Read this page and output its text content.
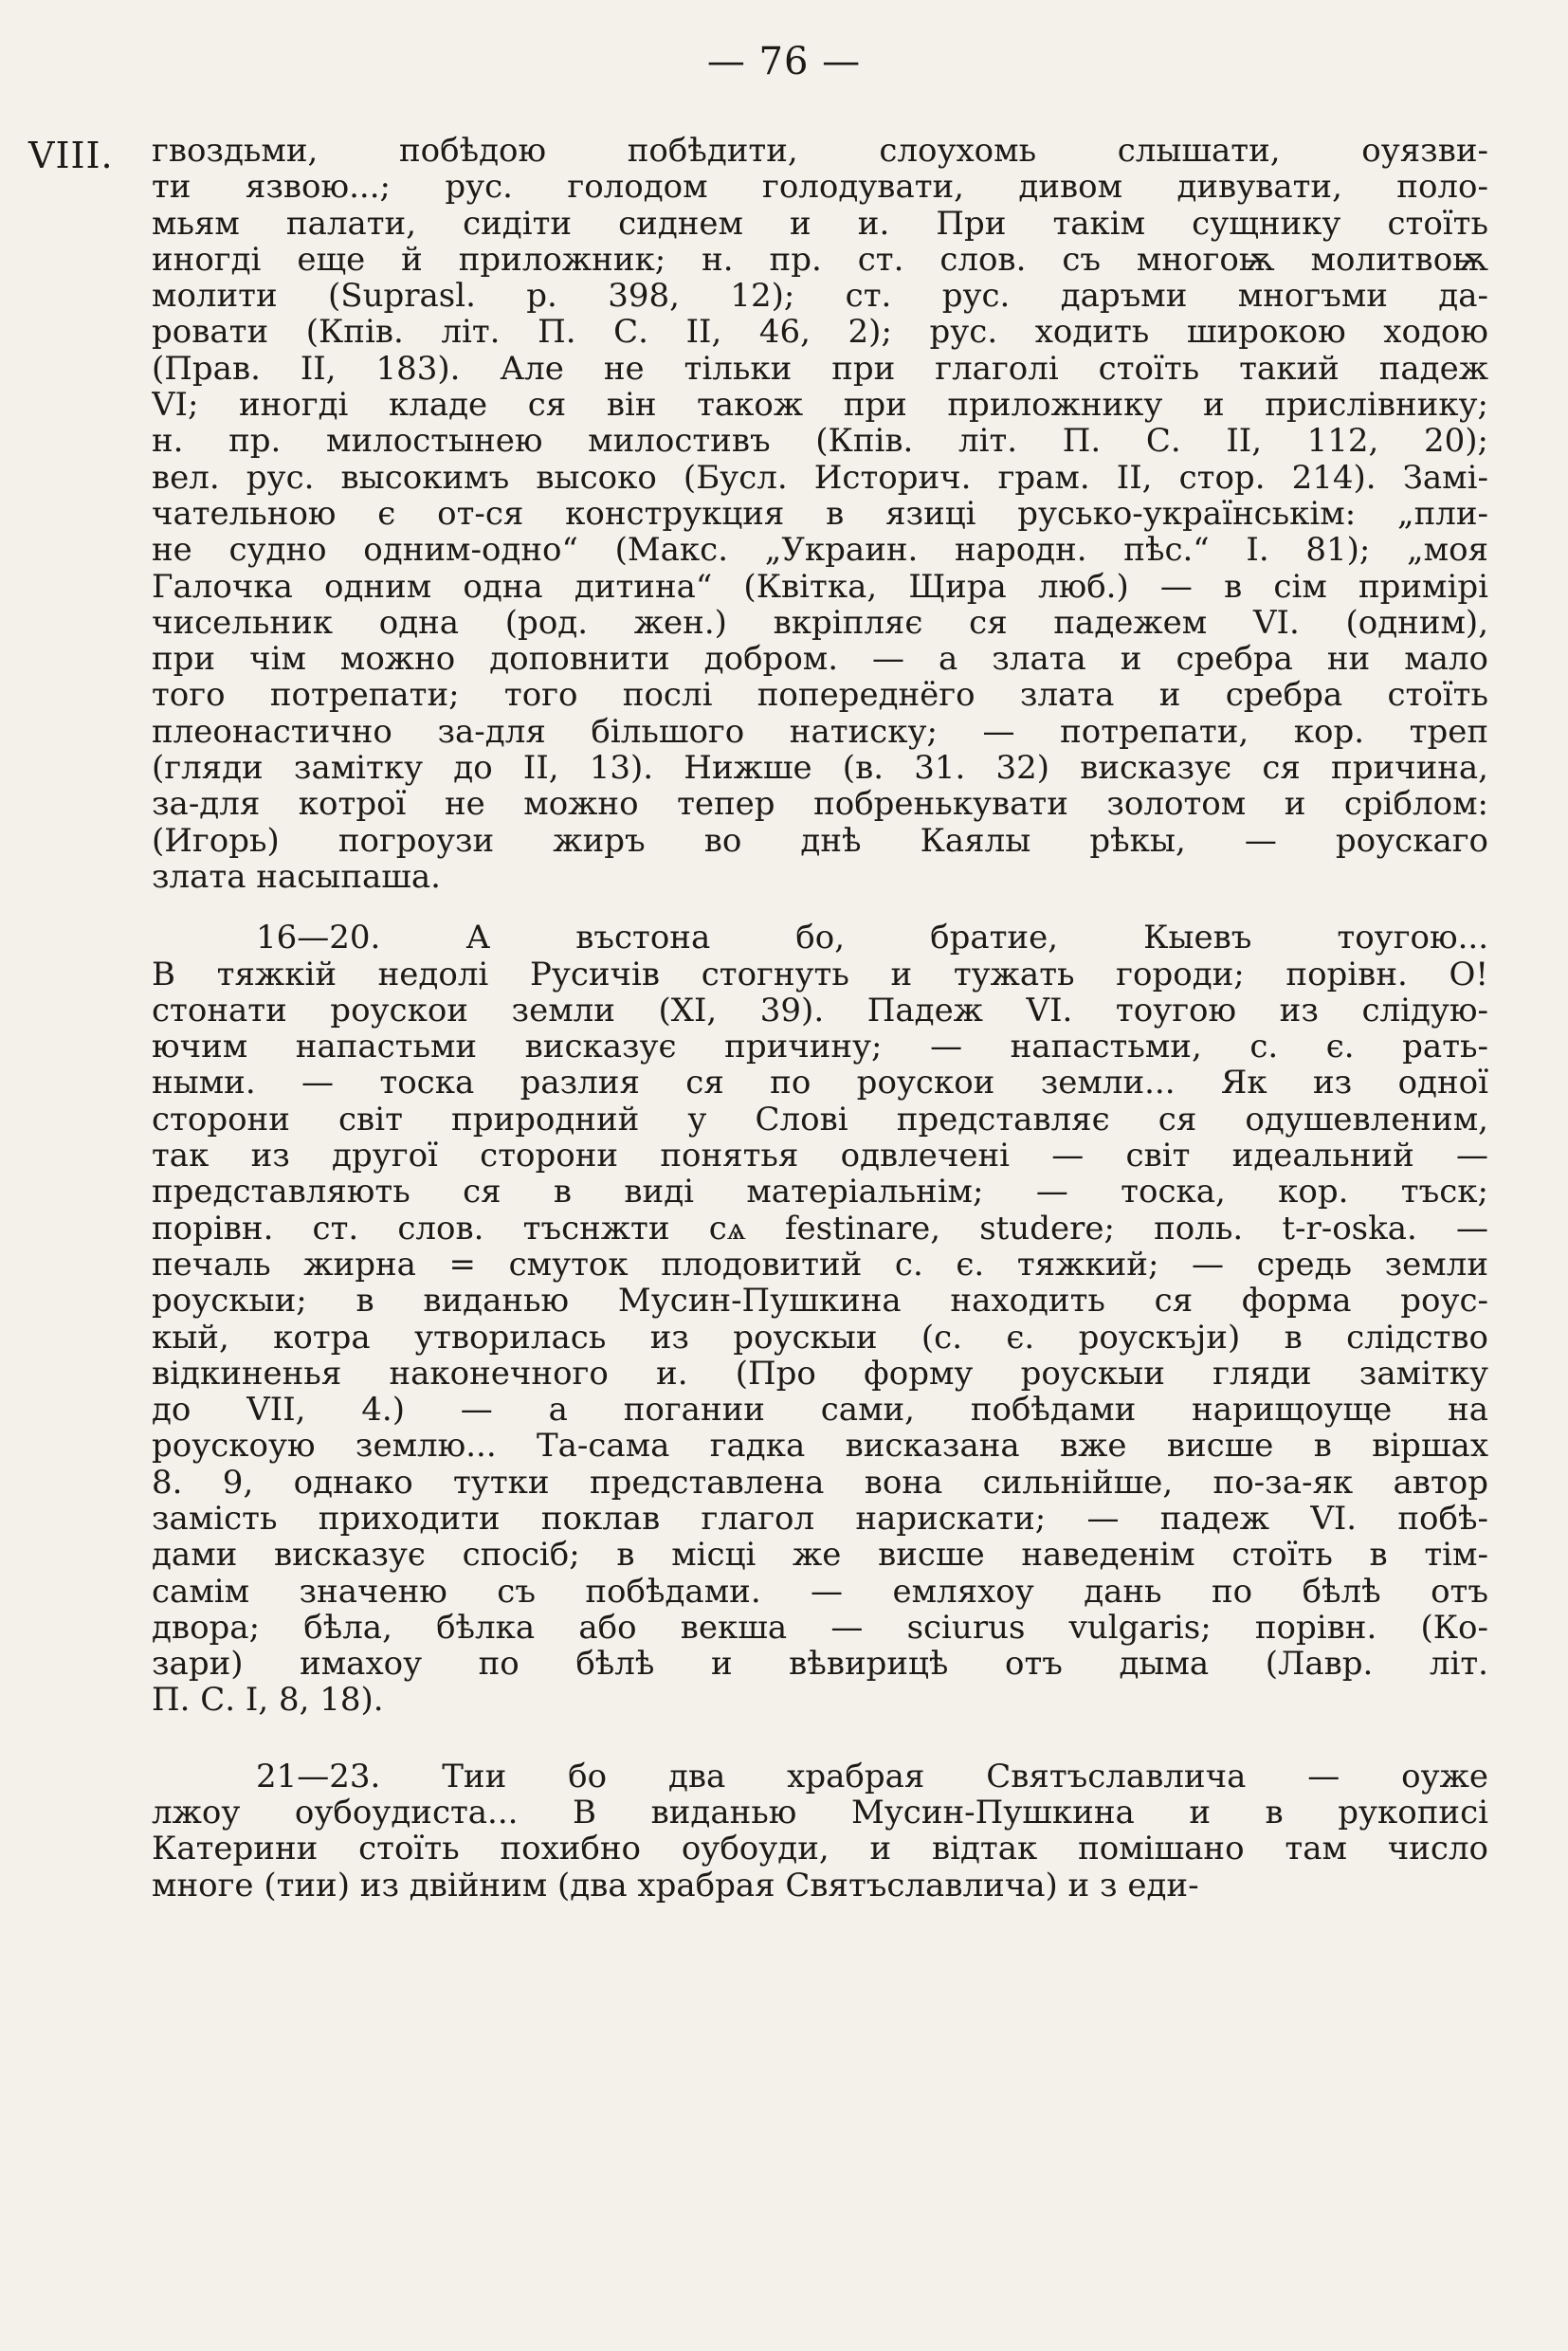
— 76 —
VIII. гвоздьми, побѣдою побѣдити, слоухомь слышати, оуязви-
ти язвою...; рус. голодом голодувати, дивом дивувати, поло-
мьям палати, сидіти сиднем и и. При такім сущнику стоїть
иногді еще й приложник; н. пр. ст. слов. съ многоѭ молитвоѭ
молити (Suprasl. p. 398, 12); ст. рус. даръми многъми да-
ровати (Кпів. літ. П. С. II, 46, 2); рус. ходить широкою ходою
(Прав. II, 183). Але не тільки при глаголі стоїть такий падеж
VI; иногді кладе ся він також при приложнику и прислівнику;
н. пр. милостынею милостивъ (Кпів. літ. П. С. II, 112, 20);
вел. рус. высокимъ высоко (Бусл. Историч. грам. II, стор. 214). Замі-
чательною є от-ся конструкция в язиці русько-українськім: „пли-
не судно одним-одно“ (Макс. „Украин. народн. пѣс.“ I. 81); „моя
Галочка одним одна дитина“ (Квітка, Щира люб.) — в сім примірі
чисельник одна (род. жен.) вкріпляє ся падежем VI. (одним),
при чім можно доповнити добром. — а злата и сребра ни мало
того потрепати; того послі попереднёго злата и сребра стоїть
плеонастично за-для більшого натиску; — потрепати, кор. треп
(гляди замітку до II, 13). Нижше (в. 31. 32) висказує ся причина,
за-для котрої не можно тепер побренькувати золотом и сріблом:
(Игорь) погроузи жиръ во днѣ Каялы рѣкы, — роускаго
злата насыпаша.
16—20. А въстона бо, братие, Кыевъ тоугою...
В тяжкій недолі Русичів стогнуть и тужать городи; порівн. О!
стонати роускои земли (XI, 39). Падеж VI. тоугою из слідую-
ючим напастьми висказує причину; — напастьми, с. є. рать-
ными. — тоска разлия ся по роускои земли... Як из одної
сторони світ природний у Слові представляє ся одушевленим,
так из другої сторони понятья одвлечені — світ идеальний —
представляють ся в виді матеріальнім; — тоска, кор. тъск;
порівн. ст. слов. тъснжти сѧ festinare, studere; поль. t-r-oska. —
печаль жирна = смуток плодовитий с. є. тяжкий; — средь земли
роускыи; в виданью Мусин-Пушкина находить ся форма роус-
кый, котра утворилась из роускыи (с. є. роускъjи) в слідство
відкиненья наконечного и. (Про форму роускыи гляди замітку
до VII, 4.) — а погании сами, побѣдами нарищоуще на
роускоую землю... Та-сама гадка висказана вже висше в віршах
8. 9, однако тутки представлена вона сильнійше, по-за-як автор
замість приходити поклав глагол нарискати; — падеж VI. побѣ-
дами висказує спосіб; в місці же висше наведенім стоїть в тім-
самім значеню съ побѣдами. — емляхоу дань по бѣлѣ отъ
двора; бѣла, бѣлка або векша — sciurus vulgaris; порівн. (Ко-
зари) имахоу по бѣлѣ и вѣвирицѣ отъ дыма (Лавр. літ.
П. С. I, 8, 18).
21—23. Тии бо два храбрая Святъславлича — оуже
лжоу оубоудиста... В виданью Мусин-Пушкина и в рукописі
Катерини стоїть похибно оубоуди, и відтак помішано там число
многе (тии) из двійним (два храбрая Святъславлича) и з еди-
